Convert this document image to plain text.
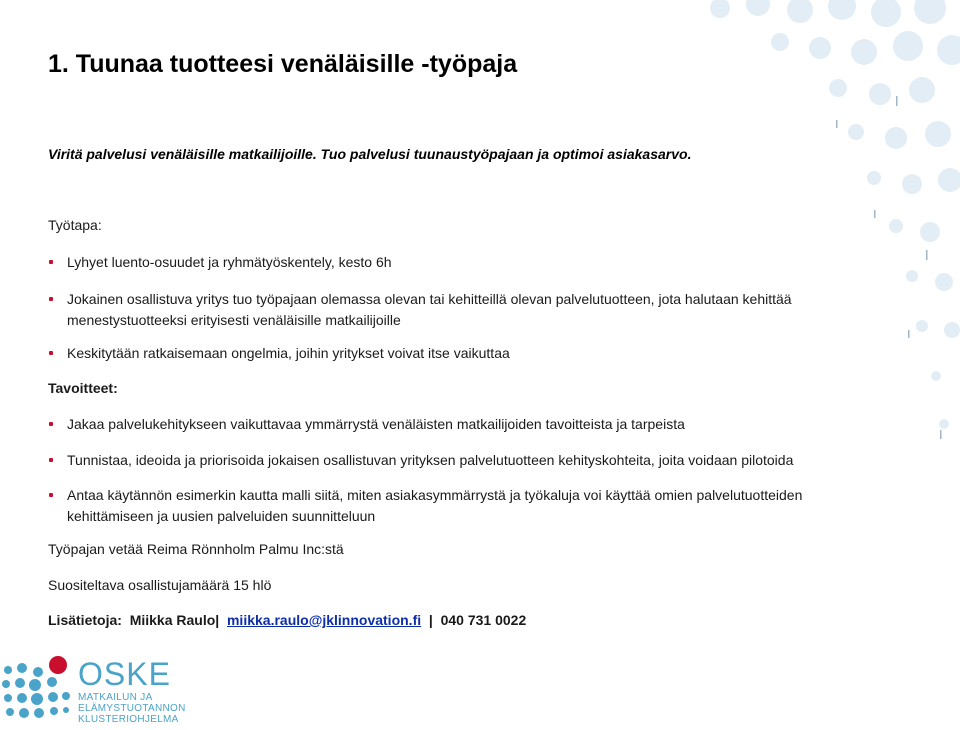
1. Tuunaa tuotteesi venäläisille -työpaja

Viritä palvelusi venäläisille matkailijoille. Tuo palvelusi tuunaustyöpajaan ja optimoi asiakasarvo.

Työtapa:

Lyhyet luento-osuudet ja ryhmätyöskentely, kesto 6h
Jokainen osallistuva yritys tuo työpajaan olemassa olevan tai kehitteillä olevan palvelutuotteen, jota halutaan kehittää menestystuotteeksi erityisesti venäläisille matkailijoille
Keskitytään ratkaisemaan ongelmia, joihin yritykset voivat itse vaikuttaa

Tavoitteet:

Jakaa palvelukehitykseen vaikuttavaa ymmärrystä venäläisten matkailijoiden tavoitteista ja tarpeista
Tunnistaa, ideoida ja priorisoida jokaisen osallistuvan yrityksen palvelutuotteen kehityskohteita, joita voidaan pilotoida
Antaa käytännön esimerkin kautta malli siitä, miten asiakasymmärrystä ja työkaluja voi käyttää omien palvelutuotteiden kehittämiseen ja uusien palveluiden suunnitteluun

Työpajan vetää Reima Rönnholm Palmu Inc:stä

Suositeltava osallistujamäärä 15 hlö

Lisätietoja: Miikka Raulo| miikka.raulo@jklinnovation.fi | 040 731 0022

OSKE
MATKAILUN JA
ELÄMYSTUOTANNON
KLUSTERIOHJELMA
